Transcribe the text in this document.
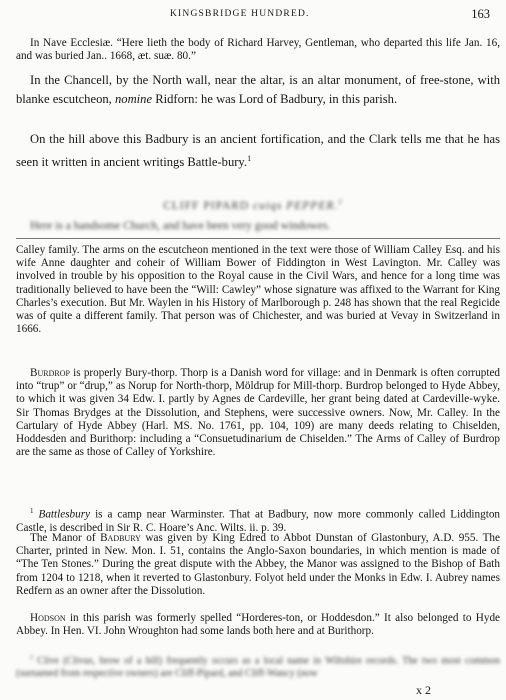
KINGSBRIDGE HUNDRED.	163

In Nave Ecclesiæ. “Here lieth the body of Richard Harvey, Gentleman, who departed this life Jan. 16, and was buried Jan.. 1668, æt. suæ. 80.”

In the Chancell, by the North wall, near the altar, is an altar monument, of free-stone, with blanke escutcheon, nomine Ridforn: he was Lord of Badbury, in this parish.

On the hill above this Badbury is an ancient fortification, and the Clark tells me that he has seen it written in ancient writings Battle-bury.$^1$

CLIFF PIPARD cuiqs PEPPER.$^2$

Here is a handsome Church, and have been very good windowes.

Calley family. The arms on the escutcheon mentioned in the text were those of William Calley Esq. and his wife Anne daughter and coheir of William Bower of Fiddington in West Lavington. Mr. Calley was involved in trouble by his opposition to the Royal cause in the Civil Wars, and hence for a long time was traditionally believed to have been the “Will: Cawley” whose signature was affixed to the Warrant for King Charles’s execution. But Mr. Waylen in his History of Marlborough p. 248 has shown that the real Regicide was of quite a different family. That person was of Chichester, and was buried at Vevay in Switzerland in 1666.

Burdrop is properly Bury-thorp. Thorp is a Danish word for village: and in Denmark is often corrupted into “trup” or “drup,” as Norup for North-thorp, Möldrup for Mill-thorp. Burdrop belonged to Hyde Abbey, to which it was given 34 Edw. I. partly by Agnes de Cardeville, her grant being dated at Cardeville-wyke. Sir Thomas Brydges at the Dissolution, and Stephens, were successive owners. Now, Mr. Calley. In the Cartulary of Hyde Abbey (Harl. MS. No. 1761, pp. 104, 109) are many deeds relating to Chiselden, Hoddesden and Burithorp: including a “Consuetudinarium de Chiselden.” The Arms of Calley of Burdrop are the same as those of Calley of Yorkshire.

$^1$ Battlesbury is a camp near Warminster. That at Badbury, now more commonly called Liddington Castle, is described in Sir R. C. Hoare’s Anc. Wilts. ii. p. 39.

The Manor of Badbury was given by King Edred to Abbot Dunstan of Glastonbury, A.D. 955. The Charter, printed in New. Mon. I. 51, contains the Anglo-Saxon boundaries, in which mention is made of “The Ten Stones.” During the great dispute with the Abbey, the Manor was assigned to the Bishop of Bath from 1204 to 1218, when it reverted to Glastonbury. Folyot held under the Monks in Edw. I. Aubrey names Redfern as an owner after the Dissolution.

Hodson in this parish was formerly spelled “Horderes-ton, or Hoddesdon.” It also belonged to Hyde Abbey. In Hen. VI. John Wroughton had some lands both here and at Burithorp.

$^2$ Clive (Clivus, brow of a hill) frequently occurs as a local name in Wiltshire records. The two most common (surnamed from respective owners) are Cliff-Pipard, and Cliff-Wancy (now

x 2
